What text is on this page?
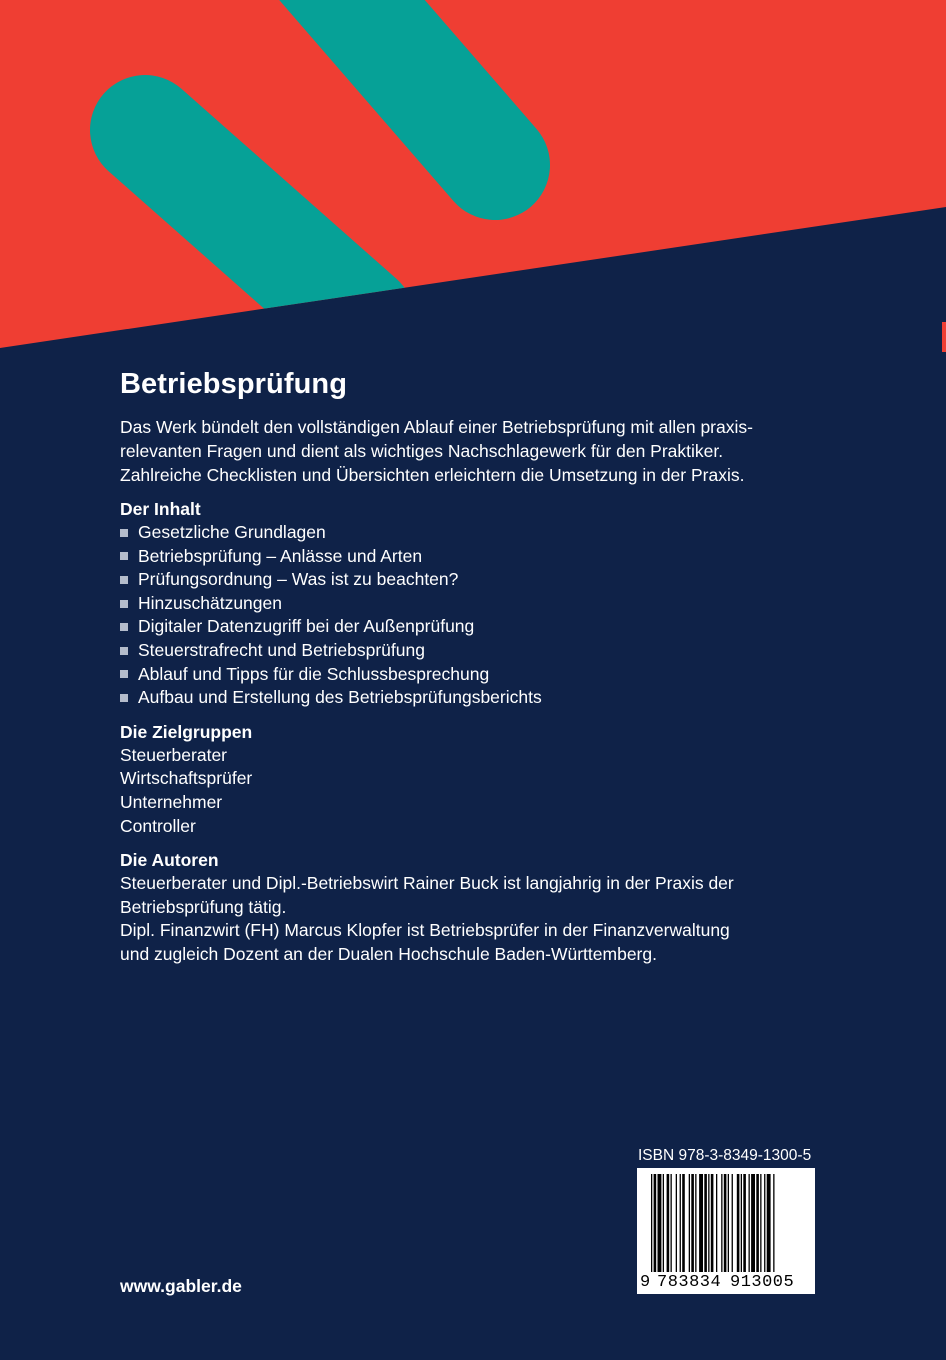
Betriebsprüfung

Das Werk bündelt den vollständigen Ablauf einer Betriebsprüfung mit allen praxis-
relevanten Fragen und dient als wichtiges Nachschlagewerk für den Praktiker.
Zahlreiche Checklisten und Übersichten erleichtern die Umsetzung in der Praxis.

Der Inhalt
Gesetzliche Grundlagen
Betriebsprüfung – Anlässe und Arten
Prüfungsordnung – Was ist zu beachten?
Hinzuschätzungen
Digitaler Datenzugriff bei der Außenprüfung
Steuerstrafrecht und Betriebsprüfung
Ablauf und Tipps für die Schlussbesprechung
Aufbau und Erstellung des Betriebsprüfungsberichts
Die Zielgruppen
Steuerberater
Wirtschaftsprüfer
Unternehmer
Controller
Die Autoren

Steuerberater und Dipl.-Betriebswirt Rainer Buck ist langjahrig in der Praxis der
Betriebsprüfung tätig.
Dipl. Finanzwirt (FH) Marcus Klopfer ist Betriebsprüfer in der Finanzverwaltung
und zugleich Dozent an der Dualen Hochschule Baden-Württemberg.

ISBN 978-3-8349-1300-5
9 783834 913005
www.gabler.de
